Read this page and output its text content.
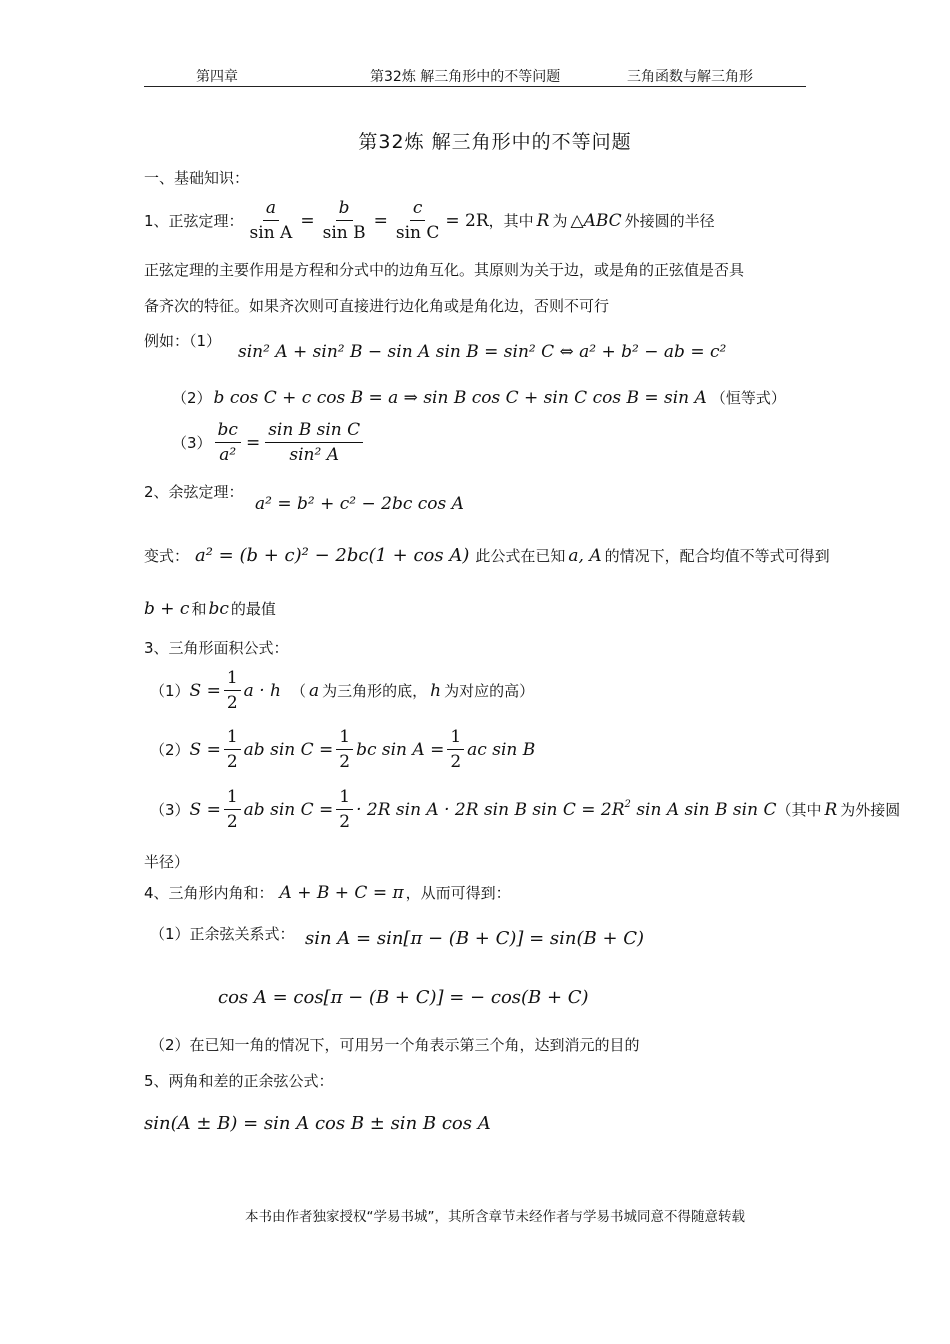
第四章	第32炼 解三角形中的不等问题	三角函数与解三角形
第32炼 解三角形中的不等问题
一、基础知识：
1、正弦定理： $\frac{a}{\text{sin A}} = \frac{b}{\text{sin B}} = \frac{c}{\text{sin C}} = 2R$ ，其中 R 为 △ABC 外接圆的半径
正弦定理的主要作用是方程和分式中的边角互化。其原则为关于边，或是角的正弦值是否具
备齐次的特征。如果齐次则可直接进行边化角或是角化边，否则不可行
例如：（1）
sin² A + sin² B − sin A sin B = sin² C ⇔ a² + b² − ab = c²
（2） b cos C + c cos B = a ⇒ sin B cos C + sin C cos B = sin A （恒等式）
$(3) \frac{bc}{\text{a²}} = \frac{\text{sin B sin C}}{\text{sin² A}}$
2、余弦定理：
a² = b² + c² − 2bc cos A
变式： a² = (b + c)² − 2bc(1 + cos A) 此公式在已知 a, A 的情况下，配合均值不等式可得到
b + c 和 bc 的最值
3、三角形面积公式：
（1） $S = \frac{1}{2}$ a · h （ a 为三角形的底， h 为对应的高）
（2） $S = \frac{1}{2}$ ab $\sin C = \frac{1}{2}$ bc $\sin A = \frac{1}{2}$ ac sin B
（3） $S = \frac{1}{2}$ ab $\sin C = \frac{1}{2} \cdot 2R$ sin A · 2R sin B $\sin C = 2R^2$ sin A sin B sin C （其中 R 为外接圆
半径）
4、三角形内角和： A + B + C = π ，从而可得到：
（1）正余弦关系式： sin A = sin[π − (B + C)] = sin(B + C)
cos A = cos[π − (B + C)] = − cos(B + C)
（2）在已知一角的情况下，可用另一个角表示第三个角，达到消元的目的
5、两角和差的正余弦公式：
sin(A ± B) = sin A cos B ± sin B cos A
本书由作者独家授权“学易书城”，其所含章节未经作者与学易书城同意不得随意转载
